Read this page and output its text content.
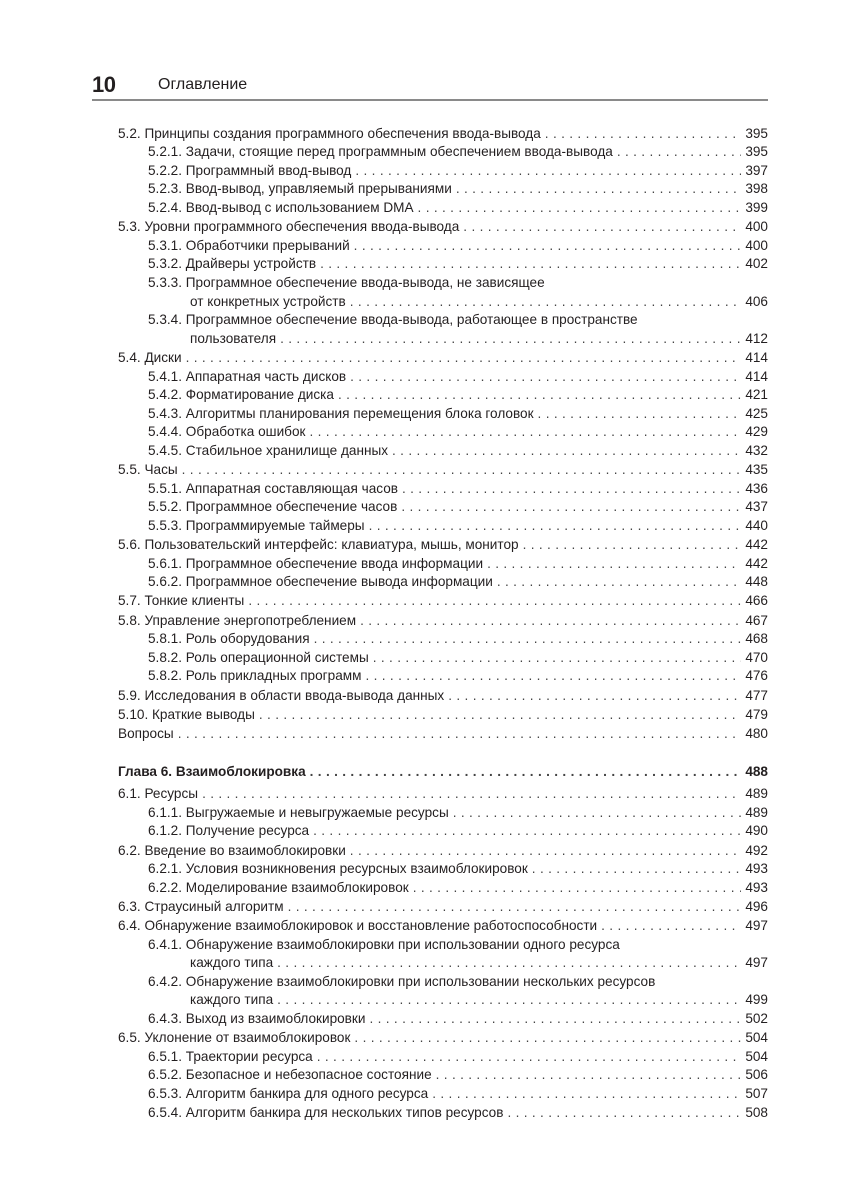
10	Оглавление
5.2. Принципы создания программного обеспечения ввода-вывода . . .	395
5.2.1. Задачи, стоящие перед программным обеспечением ввода-вывода . . .	395
5.2.2. Программный ввод-вывод . . .	397
5.2.3. Ввод-вывод, управляемый прерываниями . . .	398
5.2.4. Ввод-вывод с использованием DMA . . .	399
5.3. Уровни программного обеспечения ввода-вывода . . .	400
5.3.1. Обработчики прерываний . . .	400
5.3.2. Драйверы устройств . . .	402
5.3.3. Программное обеспечение ввода-вывода, не зависящее
от конкретных устройств . . .	406
5.3.4. Программное обеспечение ввода-вывода, работающее в пространстве
пользователя . . .	412
5.4. Диски . . .	414
5.4.1. Аппаратная часть дисков . . .	414
5.4.2. Форматирование диска . . .	421
5.4.3. Алгоритмы планирования перемещения блока головок . . .	425
5.4.4. Обработка ошибок . . .	429
5.4.5. Стабильное хранилище данных . . .	432
5.5. Часы . . .	435
5.5.1. Аппаратная составляющая часов . . .	436
5.5.2. Программное обеспечение часов . . .	437
5.5.3. Программируемые таймеры . . .	440
5.6. Пользовательский интерфейс: клавиатура, мышь, монитор . . .	442
5.6.1. Программное обеспечение ввода информации . . .	442
5.6.2. Программное обеспечение вывода информации . . .	448
5.7. Тонкие клиенты . . .	466
5.8. Управление энергопотреблением . . .	467
5.8.1. Роль оборудования . . .	468
5.8.2. Роль операционной системы . . .	470
5.8.2. Роль прикладных программ . . .	476
5.9. Исследования в области ввода-вывода данных . . .	477
5.10. Краткие выводы . . .	479
Вопросы . . .	480
Глава 6. Взаимоблокировка . . .	488
6.1. Ресурсы . . .	489
6.1.1. Выгружаемые и невыгружаемые ресурсы . . .	489
6.1.2. Получение ресурса . . .	490
6.2. Введение во взаимоблокировки . . .	492
6.2.1. Условия возникновения ресурсных взаимоблокировок . . .	493
6.2.2. Моделирование взаимоблокировок . . .	493
6.3. Страусиный алгоритм . . .	496
6.4. Обнаружение взаимоблокировок и восстановление работоспособности . . .	497
6.4.1. Обнаружение взаимоблокировки при использовании одного ресурса
каждого типа . . .	497
6.4.2. Обнаружение взаимоблокировки при использовании нескольких ресурсов
каждого типа . . .	499
6.4.3. Выход из взаимоблокировки . . .	502
6.5. Уклонение от взаимоблокировок . . .	504
6.5.1. Траектории ресурса . . .	504
6.5.2. Безопасное и небезопасное состояние . . .	506
6.5.3. Алгоритм банкира для одного ресурса . . .	507
6.5.4. Алгоритм банкира для нескольких типов ресурсов . . .	508
